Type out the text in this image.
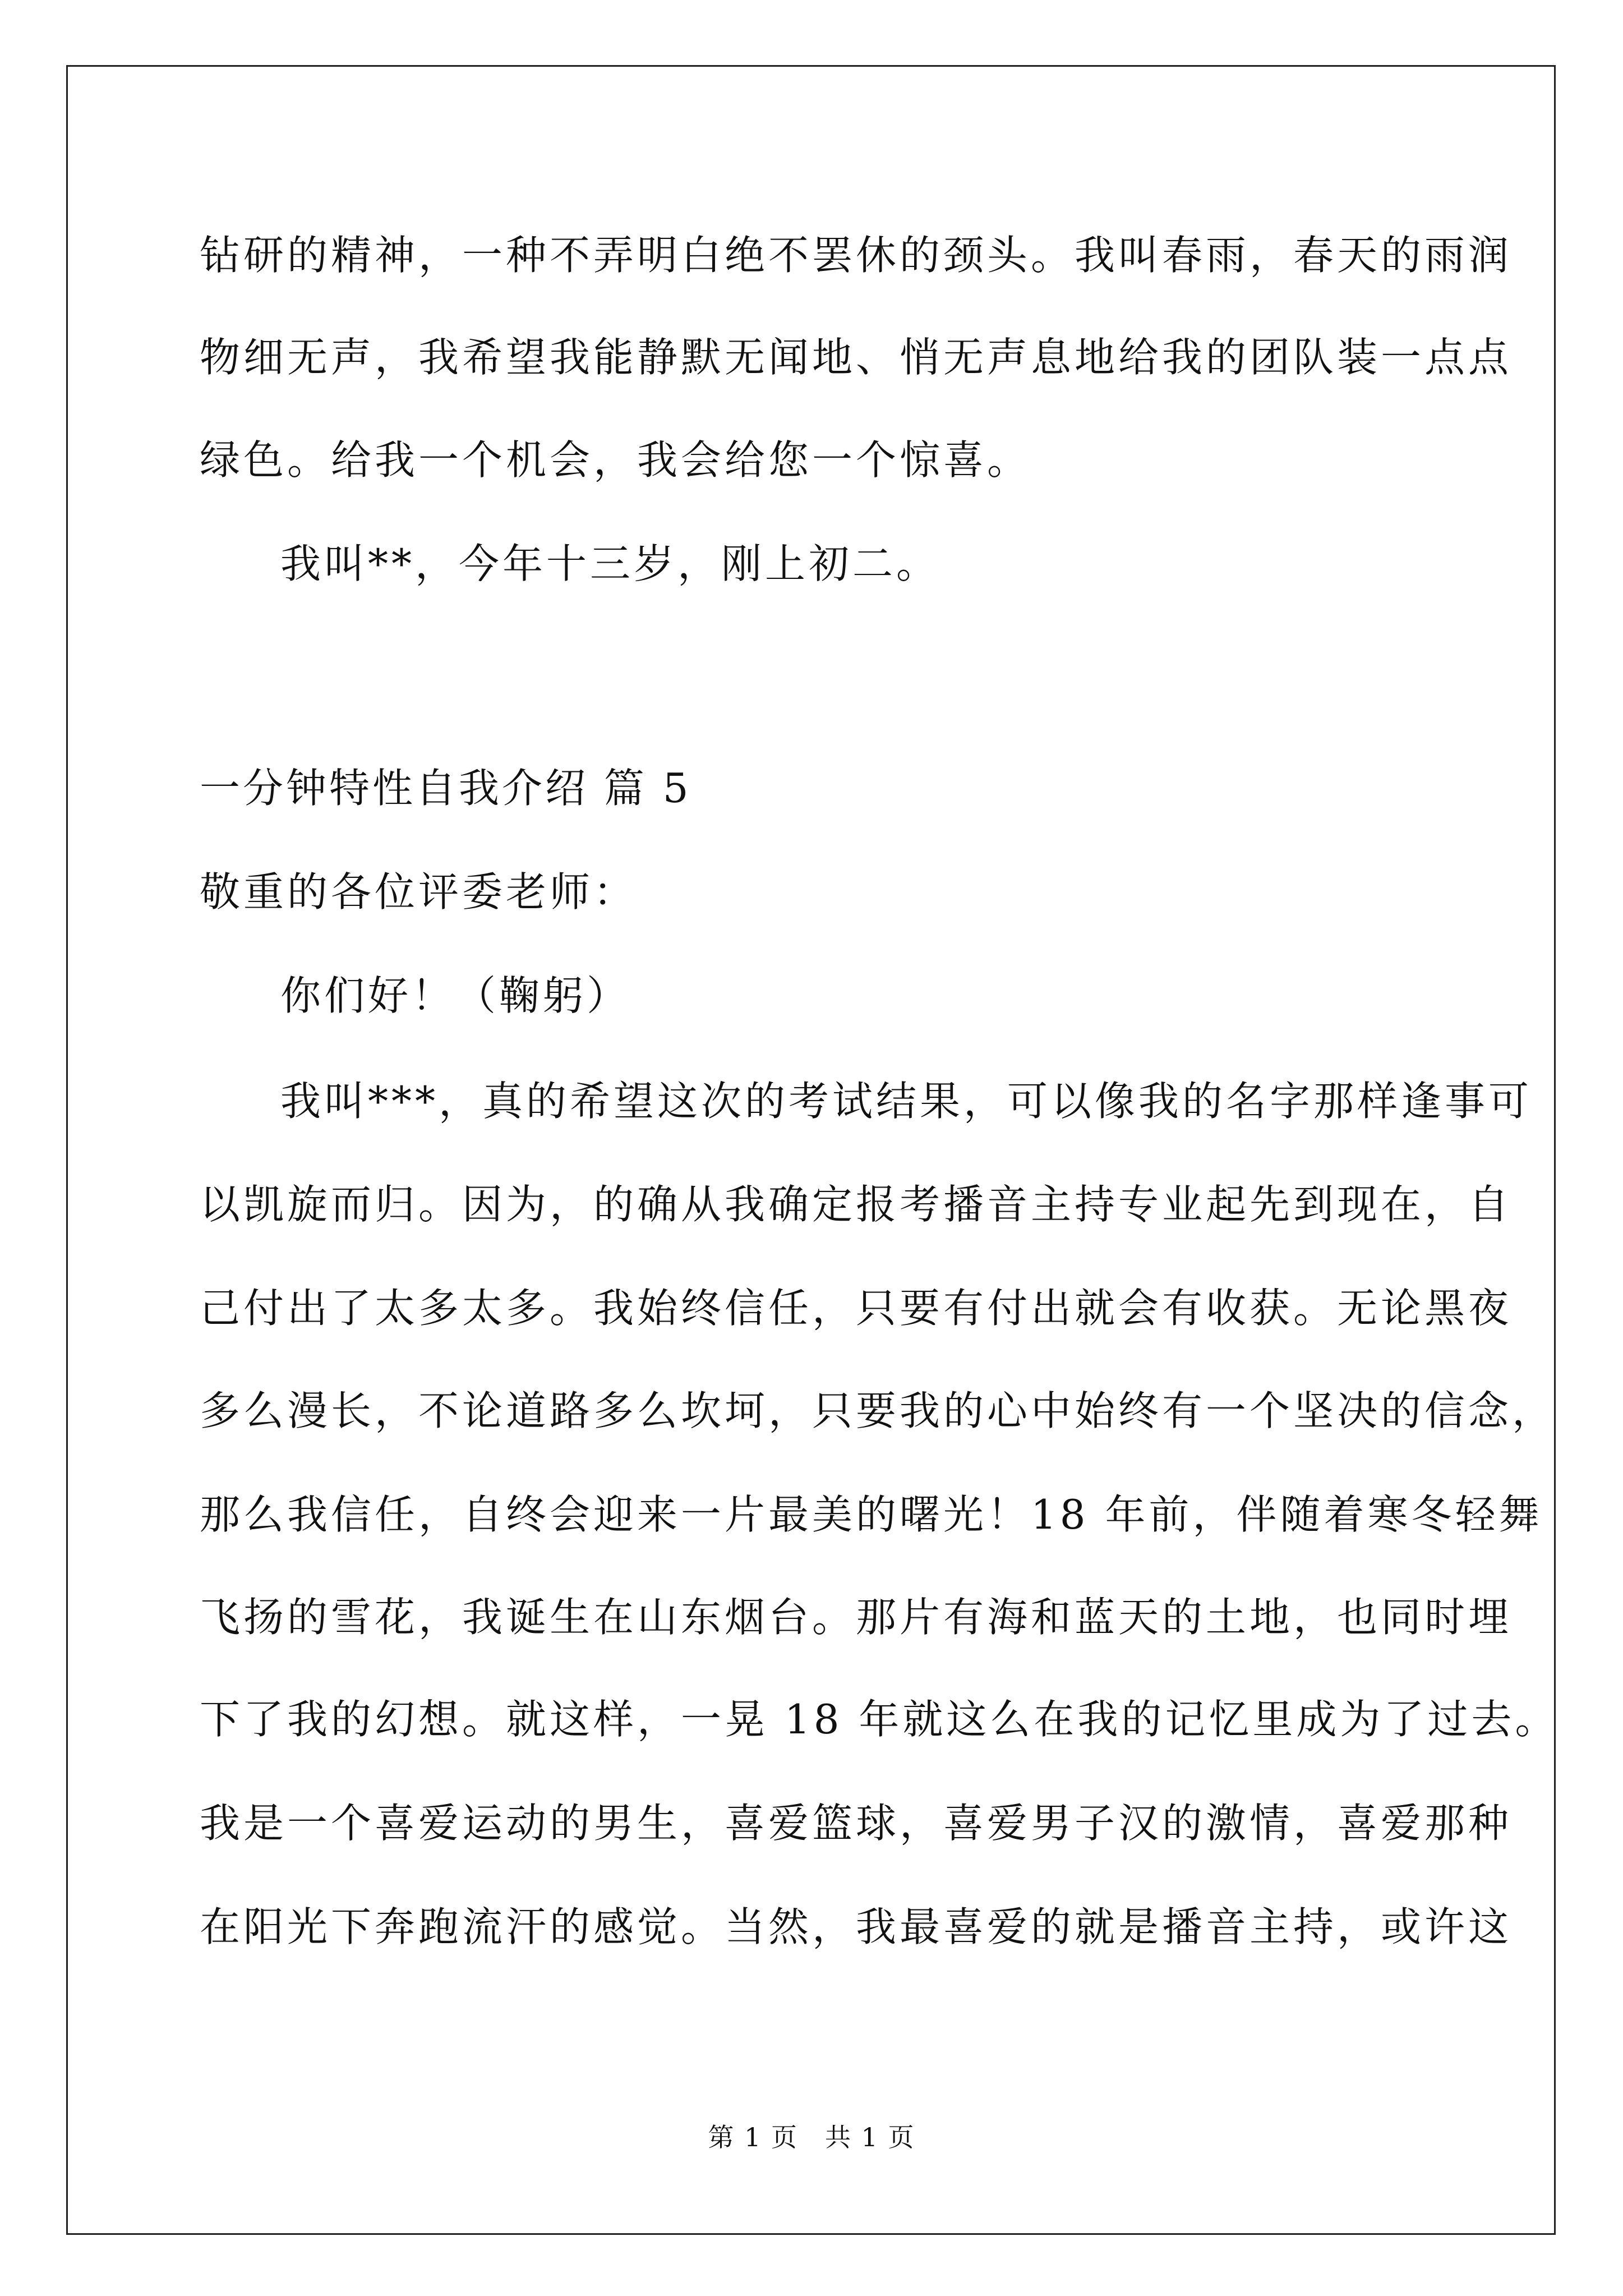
钻研的精神，一种不弄明白绝不罢休的颈头。我叫春雨，春天的雨润
物细无声，我希望我能静默无闻地、悄无声息地给我的团队装一点点
绿色。给我一个机会，我会给您一个惊喜。
我叫**，今年十三岁，刚上初二。
一分钟特性自我介绍 篇 5
敬重的各位评委老师：
你们好！（鞠躬）
我叫***，真的希望这次的考试结果，可以像我的名字那样逢事可
以凯旋而归。因为，的确从我确定报考播音主持专业起先到现在，自
己付出了太多太多。我始终信任，只要有付出就会有收获。无论黑夜
多么漫长，不论道路多么坎坷，只要我的心中始终有一个坚决的信念，
那么我信任，自终会迎来一片最美的曙光！18 年前，伴随着寒冬轻舞
飞扬的雪花，我诞生在山东烟台。那片有海和蓝天的土地，也同时埋
下了我的幻想。就这样，一晃 18 年就这么在我的记忆里成为了过去。
我是一个喜爱运动的男生，喜爱篮球，喜爱男子汉的激情，喜爱那种
在阳光下奔跑流汗的感觉。当然，我最喜爱的就是播音主持，或许这
第 1 页　共 1 页
